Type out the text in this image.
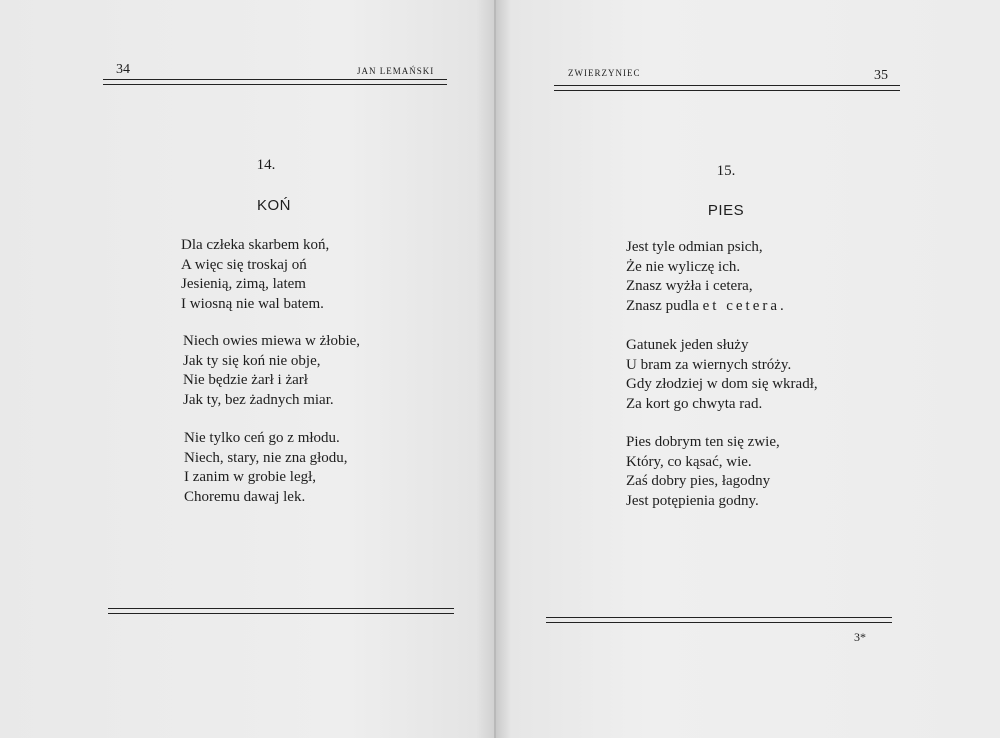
34	JAN LEMAŃSKI
14.
KOŃ
Dla człeka skarbem koń,
A więc się troskaj oń
Jesienią, zimą, latem
I wiosną nie wal batem.
Niech owies miewa w żłobie,
Jak ty się koń nie obje,
Nie będzie żarł i żarł
Jak ty, bez żadnych miar.
Nie tylko ceń go z młodu.
Niech, stary, nie zna głodu,
I zanim w grobie legł,
Choremu dawaj lek.
ZWIERZYNIEC	35
15.
PIES
Jest tyle odmian psich,
Że nie wyliczę ich.
Znasz wyżła i cetera,
Znasz pudla et cetera.
Gatunek jeden służy
U bram za wiernych stróży.
Gdy złodziej w dom się wkradł,
Za kort go chwyta rad.
Pies dobrym ten się zwie,
Który, co kąsać, wie.
Zaś dobry pies, łagodny
Jest potępienia godny.
3*
